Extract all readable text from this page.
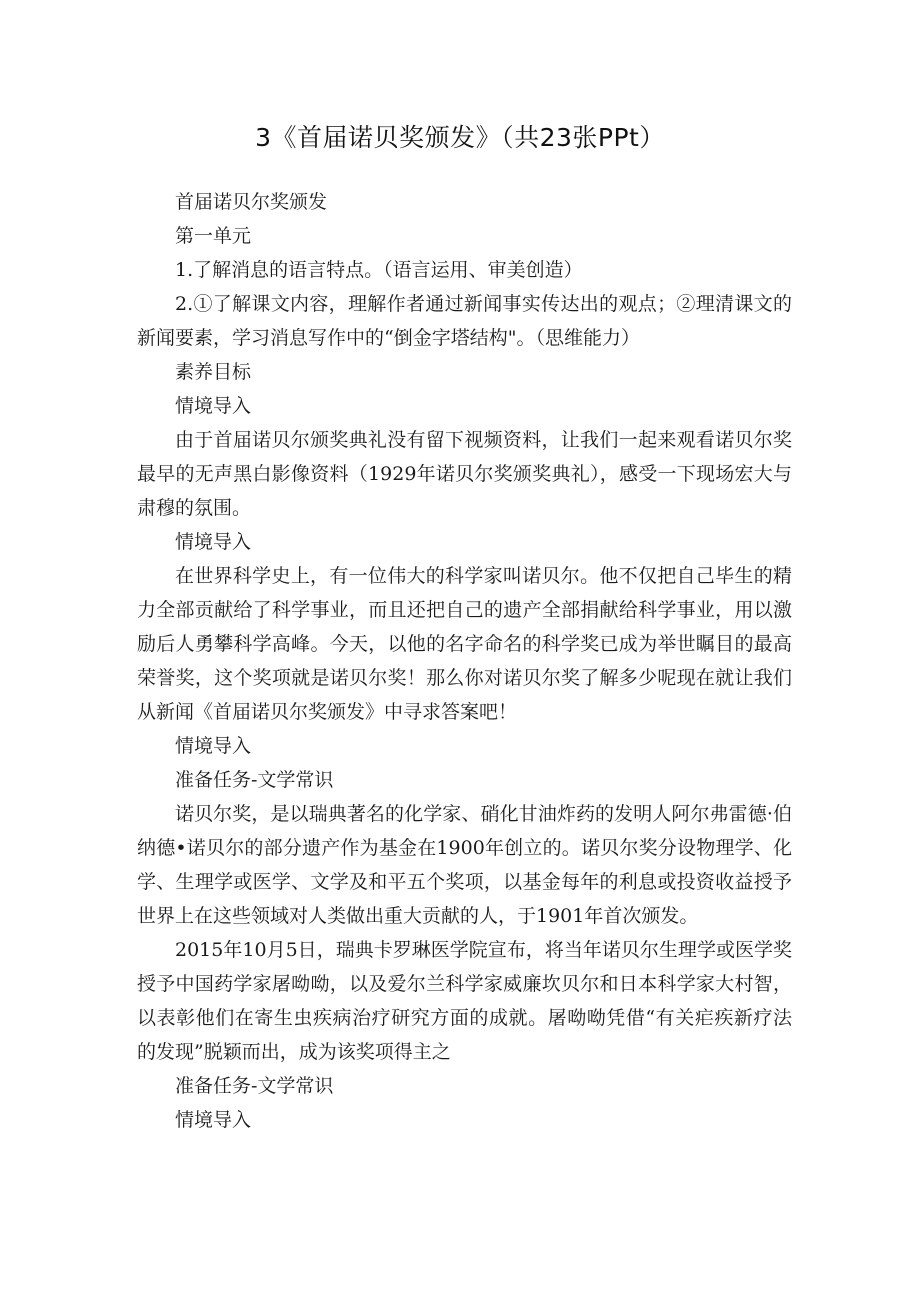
3《首届诺贝奖颁发》（共23张PPt）

首届诺贝尔奖颁发

第一单元

1.了解消息的语言特点。（语言运用、审美创造）

2.①了解课文内容，理解作者通过新闻事实传达出的观点；②理清课文的新闻要素，学习消息写作中的“倒金字塔结构"。（思维能力）

素养目标

情境导入

由于首届诺贝尔颁奖典礼没有留下视频资料，让我们一起来观看诺贝尔奖最早的无声黑白影像资料（1929年诺贝尔奖颁奖典礼），感受一下现场宏大与肃穆的氛围。

情境导入

在世界科学史上，有一位伟大的科学家叫诺贝尔。他不仅把自己毕生的精力全部贡献给了科学事业，而且还把自己的遗产全部捐献给科学事业，用以激励后人勇攀科学高峰。今天，以他的名字命名的科学奖已成为举世瞩目的最高荣誉奖，这个奖项就是诺贝尔奖！那么你对诺贝尔奖了解多少呢现在就让我们从新闻《首届诺贝尔奖颁发》中寻求答案吧！

情境导入

准备任务-文学常识

诺贝尔奖，是以瑞典著名的化学家、硝化甘油炸药的发明人阿尔弗雷德·伯纳德•诺贝尔的部分遗产作为基金在1900年创立的。诺贝尔奖分设物理学、化学、生理学或医学、文学及和平五个奖项，以基金每年的利息或投资收益授予世界上在这些领域对人类做出重大贡献的人，于1901年首次颁发。

2015年10月5日，瑞典卡罗琳医学院宣布，将当年诺贝尔生理学或医学奖授予中国药学家屠呦呦，以及爱尔兰科学家威廉坎贝尔和日本科学家大村智，以表彰他们在寄生虫疾病治疗研究方面的成就。屠呦呦凭借“有关疟疾新疗法的发现”脱颖而出，成为该奖项得主之

准备任务-文学常识

情境导入
